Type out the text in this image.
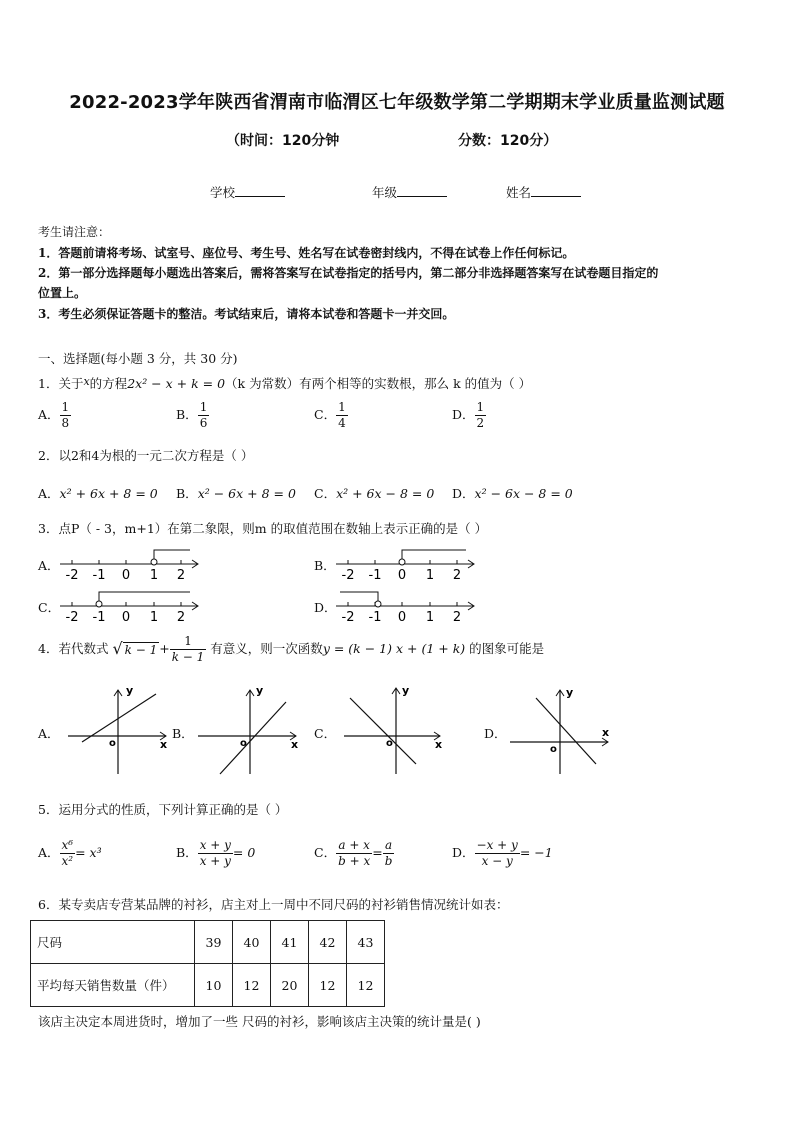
2022-2023学年陕西省渭南市临渭区七年级数学第二学期期末学业质量监测试题
（时间：120分钟	分数：120分）
学校	年级	姓名
考生请注意：
1．答题前请将考场、试室号、座位号、考生号、姓名写在试卷密封线内，不得在试卷上作任何标记。
2．第一部分选择题每小题选出答案后，需将答案写在试卷指定的括号内，第二部分非选择题答案写在试卷题目指定的
位置上。
3．考生必须保证答题卡的整洁。考试结束后，请将本试卷和答题卡一并交回。
一、选择题(每小题 3 分，共 30 分)
1．关于x的方程2x² − x + k = 0（k 为常数）有两个相等的实数根，那么 k 的值为（ ）
A． $\frac{1}{8}$	B． $\frac{1}{6}$	C． $\frac{1}{4}$	D． $\frac{1}{2}$
2．以2和4为根的一元二次方程是（ ）
A．x² + 6x + 8 = 0 B．x² − 6x + 8 = 0 C．x² + 6x − 8 = 0 D．x² − 6x − 8 = 0
3．点P（ - 3，m+1）在第二象限，则m 的取值范围在数轴上表示正确的是（ ）
A．	B．
C．	D．
-2 -1 0 1 2	-2 -1 0 1 2
-2 -1 0 1 2	-2 -1 0 1 2
4．若代数式 √ $k - 1 + \frac{1}{k - 1}$ 有意义，则一次函数y = (k − 1) x + (1 + k) 的图象可能是
A．	B．	C．	D．
y
x
o
y
x
o
y
x
o
y
x
o
5．运用分式的性质，下列计算正确的是（ ）
A． $\frac{\text{x⁶}}{\text{x²}} = x^3$	B． $\frac{x + y}{x + y} = 0$	C． $\frac{a + x}{b + x} = \frac{a}{b}$	D． $\frac{-x + y}{x - y} = -1$
6．某专卖店专营某品牌的衬衫，店主对上一周中不同尺码的衬衫销售情况统计如表：
尺码	39	40	41	42	43
平均每天销售数量（件）	10	12	20	12	12
该店主决定本周进货时，增加了一些 尺码的衬衫，影响该店主决策的统计量是( )
